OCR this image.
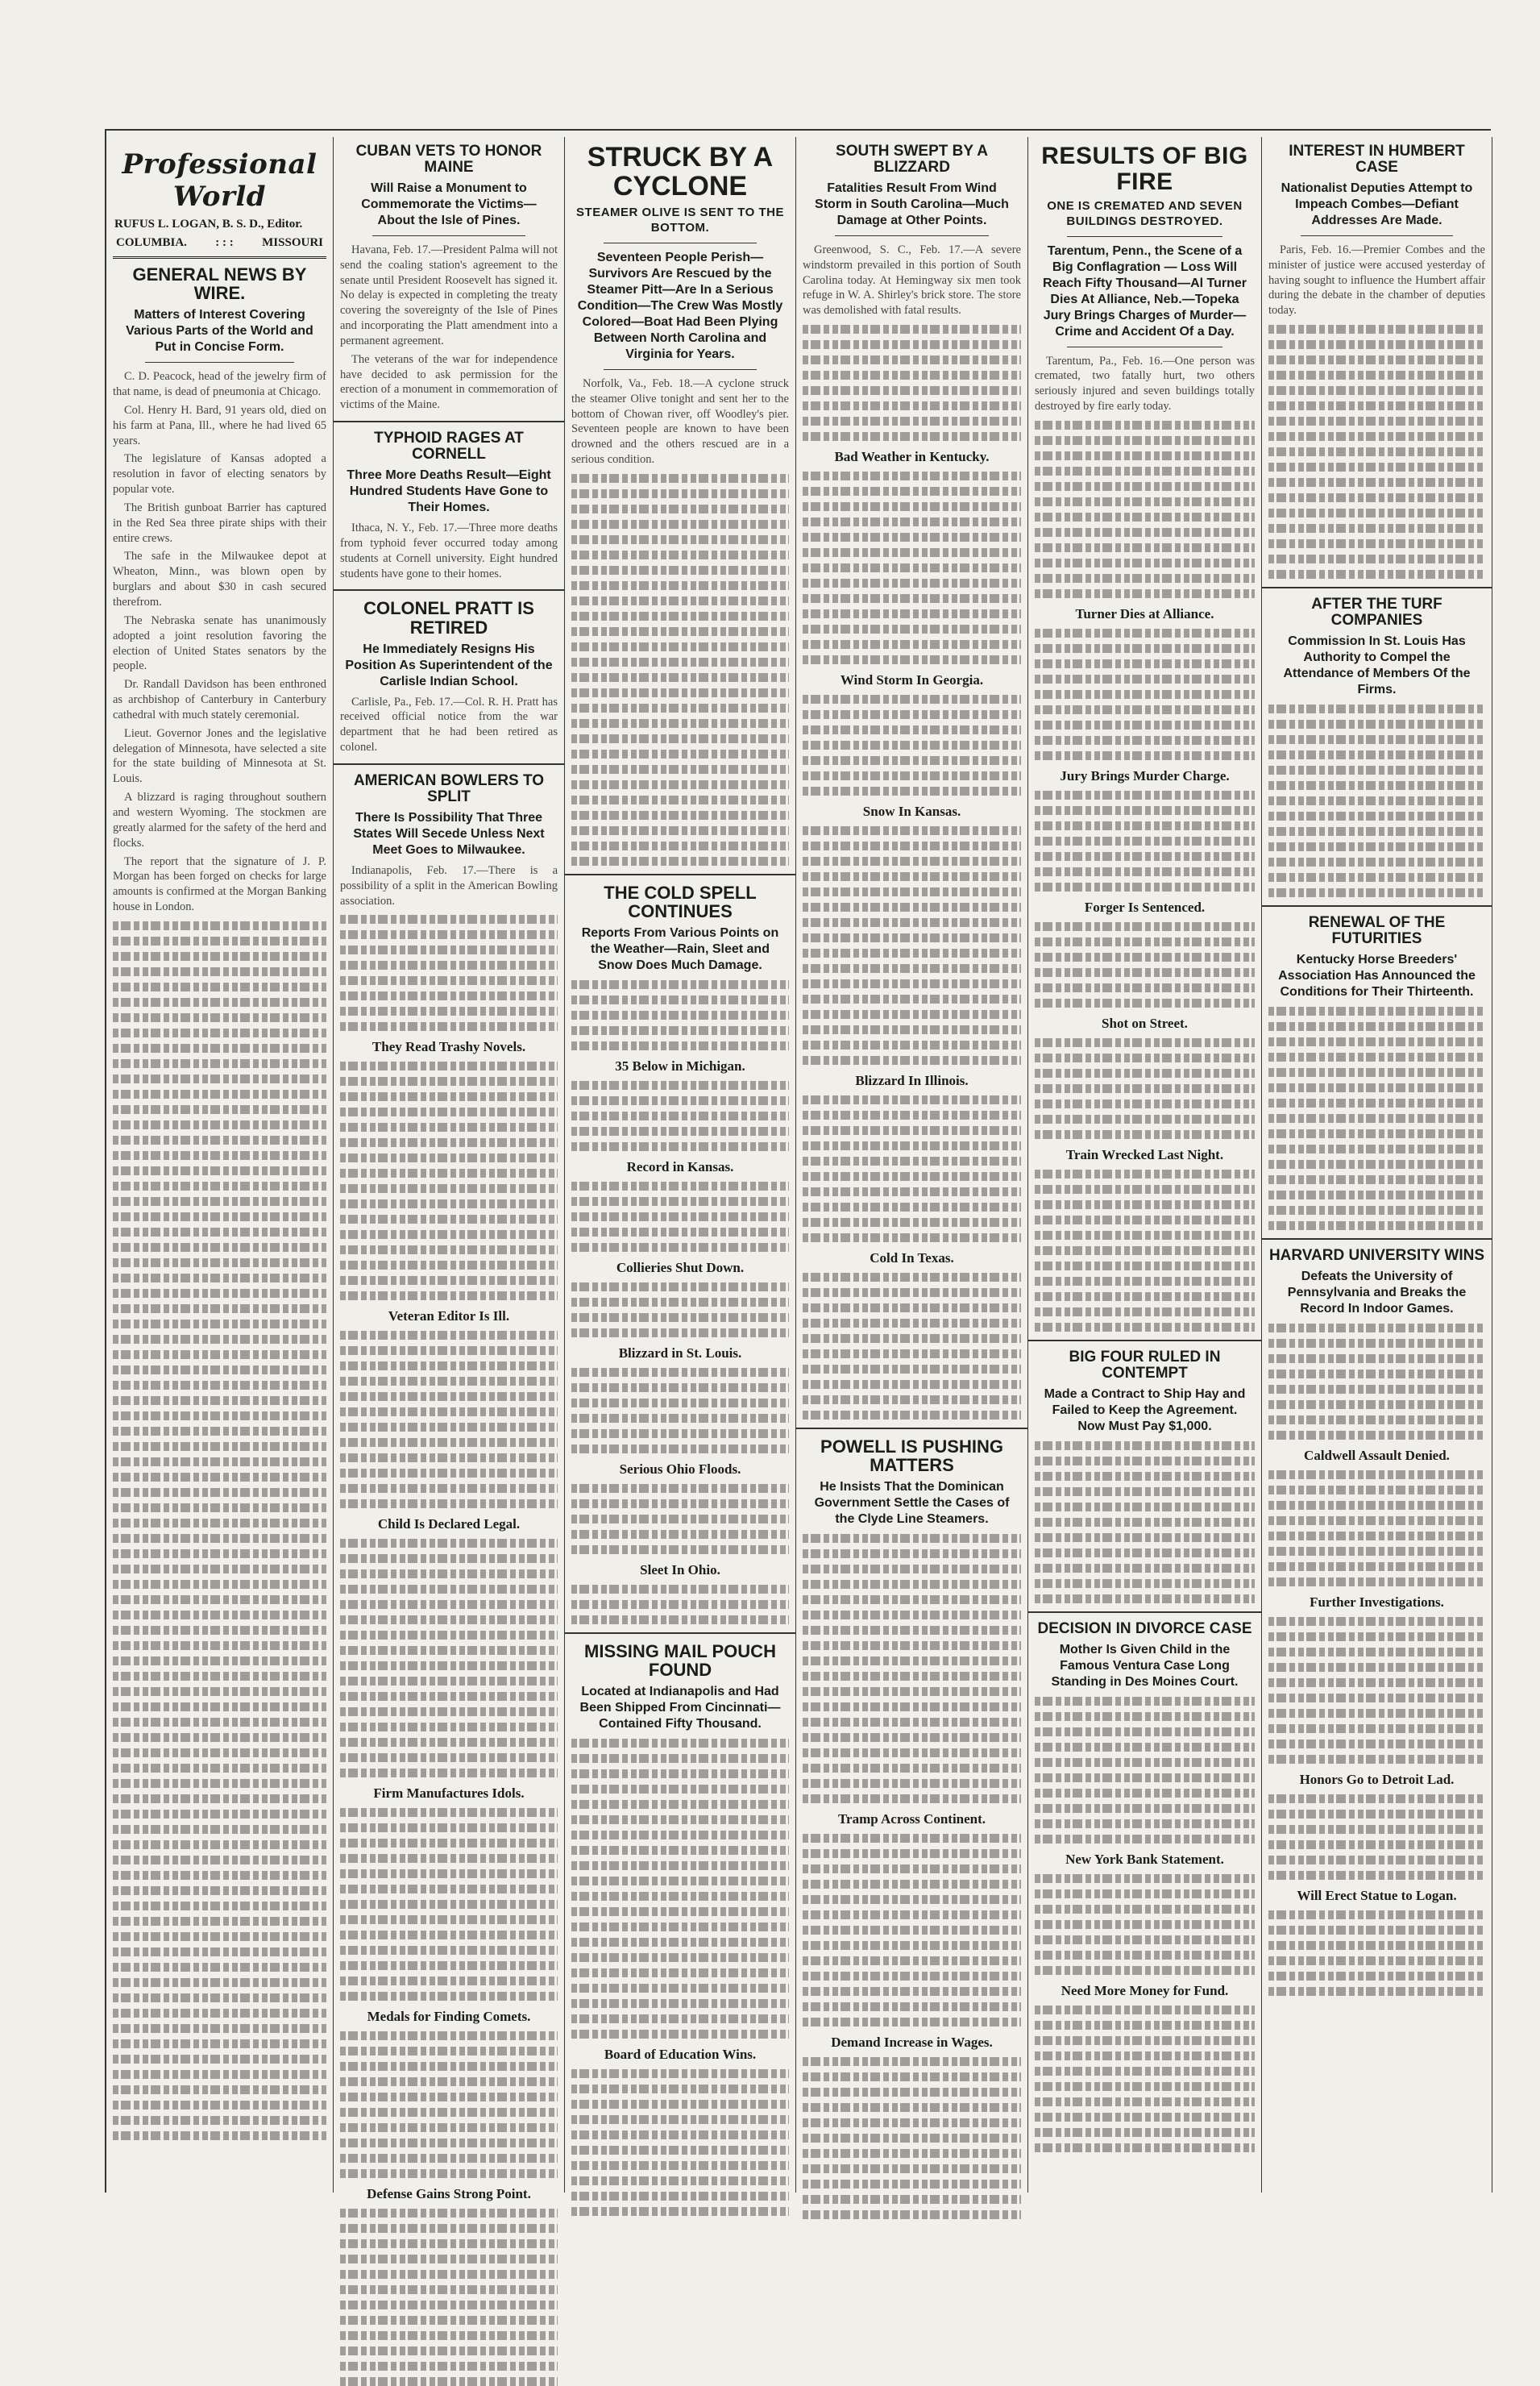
Professional World
RUFUS L. LOGAN, B. S. D., Editor.
COLUMBIA. : : : MISSOURI
GENERAL NEWS BY WIRE.
Matters of Interest Covering Various Parts of the World and Put in Concise Form.

C. D. Peacock, head of the jewelry firm of that name, is dead of pneumonia at Chicago.

Col. Henry H. Bard, 91 years old, died on his farm at Pana, Ill., where he had lived 65 years.

The legislature of Kansas adopted a resolution in favor of electing senators by popular vote.

The British gunboat Barrier has captured in the Red Sea three pirate ships with their entire crews.

The safe in the Milwaukee depot at Wheaton, Minn., was blown open by burglars and about $30 in cash secured therefrom.

The Nebraska senate has unanimously adopted a joint resolution favoring the election of United States senators by the people.

Dr. Randall Davidson has been enthroned as archbishop of Canterbury in Canterbury cathedral with much stately ceremonial.

Lieut. Governor Jones and the legislative delegation of Minnesota, have selected a site for the state building of Minnesota at St. Louis.

A blizzard is raging throughout southern and western Wyoming. The stockmen are greatly alarmed for the safety of the herd and flocks.

The report that the signature of J. P. Morgan has been forged on checks for large amounts is confirmed at the Morgan Banking house in London.

CUBAN VETS TO HONOR MAINE
Will Raise a Monument to Commemorate the Victims—About the Isle of Pines.

Havana, Feb. 17.—President Palma will not send the coaling station's agreement to the senate until President Roosevelt has signed it. No delay is expected in completing the treaty covering the sovereignty of the Isle of Pines and incorporating the Platt amendment into a permanent agreement.

The veterans of the war for independence have decided to ask permission for the erection of a monument in commemoration of victims of the Maine.

TYPHOID RAGES AT CORNELL
Three More Deaths Result—Eight Hundred Students Have Gone to Their Homes.

Ithaca, N. Y., Feb. 17.—Three more deaths from typhoid fever occurred today among students at Cornell university. Eight hundred students have gone to their homes.

COLONEL PRATT IS RETIRED
He Immediately Resigns His Position As Superintendent of the Carlisle Indian School.

Carlisle, Pa., Feb. 17.—Col. R. H. Pratt has received official notice from the war department that he had been retired as colonel.

AMERICAN BOWLERS TO SPLIT
There Is Possibility That Three States Will Secede Unless Next Meet Goes to Milwaukee.

Indianapolis, Feb. 17.—There is a possibility of a split in the American Bowling association.

They Read Trashy Novels.
Veteran Editor Is Ill.
Child Is Declared Legal.
Firm Manufactures Idols.
Medals for Finding Comets.
Defense Gains Strong Point.
STRUCK BY A CYCLONE
STEAMER OLIVE IS SENT TO THE BOTTOM.
Seventeen People Perish—Survivors Are Rescued by the Steamer Pitt—Are In a Serious Condition—The Crew Was Mostly Colored—Boat Had Been Plying Between North Carolina and Virginia for Years.

Norfolk, Va., Feb. 18.—A cyclone struck the steamer Olive tonight and sent her to the bottom of Chowan river, off Woodley's pier. Seventeen people are known to have been drowned and the others rescued are in a serious condition.

THE COLD SPELL CONTINUES
Reports From Various Points on the Weather—Rain, Sleet and Snow Does Much Damage.
35 Below in Michigan.
Record in Kansas.
Collieries Shut Down.
Blizzard in St. Louis.
Serious Ohio Floods.
Sleet In Ohio.
MISSING MAIL POUCH FOUND
Located at Indianapolis and Had Been Shipped From Cincinnati—Contained Fifty Thousand.
Board of Education Wins.
SOUTH SWEPT BY A BLIZZARD
Fatalities Result From Wind Storm in South Carolina—Much Damage at Other Points.

Greenwood, S. C., Feb. 17.—A severe windstorm prevailed in this portion of South Carolina today. At Hemingway six men took refuge in W. A. Shirley's brick store. The store was demolished with fatal results.

Bad Weather in Kentucky.
Wind Storm In Georgia.
Snow In Kansas.
Blizzard In Illinois.
Cold In Texas.
POWELL IS PUSHING MATTERS
He Insists That the Dominican Government Settle the Cases of the Clyde Line Steamers.
Tramp Across Continent.
Demand Increase in Wages.
RESULTS OF BIG FIRE
ONE IS CREMATED AND SEVEN BUILDINGS DESTROYED.
Tarentum, Penn., the Scene of a Big Conflagration — Loss Will Reach Fifty Thousand—Al Turner Dies At Alliance, Neb.—Topeka Jury Brings Charges of Murder—Crime and Accident Of a Day.

Tarentum, Pa., Feb. 16.—One person was cremated, two fatally hurt, two others seriously injured and seven buildings totally destroyed by fire early today.

Turner Dies at Alliance.
Jury Brings Murder Charge.
Forger Is Sentenced.
Shot on Street.
Train Wrecked Last Night.
BIG FOUR RULED IN CONTEMPT
Made a Contract to Ship Hay and Failed to Keep the Agreement. Now Must Pay $1,000.
DECISION IN DIVORCE CASE
Mother Is Given Child in the Famous Ventura Case Long Standing in Des Moines Court.
New York Bank Statement.
Need More Money for Fund.
INTEREST IN HUMBERT CASE
Nationalist Deputies Attempt to Impeach Combes—Defiant Addresses Are Made.

Paris, Feb. 16.—Premier Combes and the minister of justice were accused yesterday of having sought to influence the Humbert affair during the debate in the chamber of deputies today.

AFTER THE TURF COMPANIES
Commission In St. Louis Has Authority to Compel the Attendance of Members Of the Firms.
RENEWAL OF THE FUTURITIES
Kentucky Horse Breeders' Association Has Announced the Conditions for Their Thirteenth.
HARVARD UNIVERSITY WINS
Defeats the University of Pennsylvania and Breaks the Record In Indoor Games.
Caldwell Assault Denied.
Further Investigations.
Honors Go to Detroit Lad.
Will Erect Statue to Logan.
